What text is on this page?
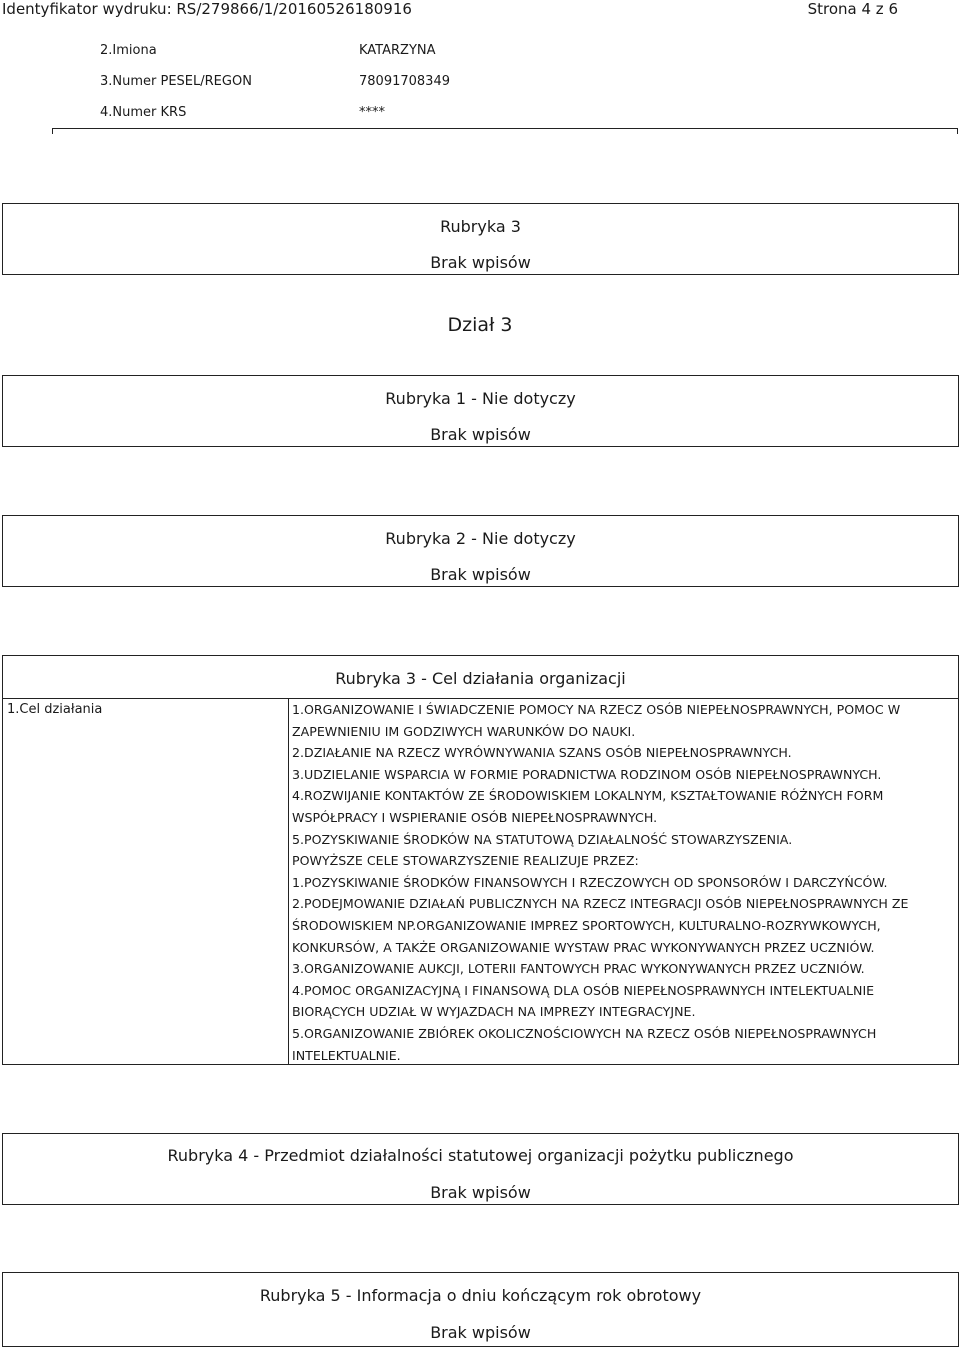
Identyfikator wydruku: RS/279866/1/20160526180916	Strona 4 z 6
2.Imiona	KATARZYNA
3.Numer PESEL/REGON	78091708349
4.Numer KRS	****
Rubryka 3
Brak wpisów
Dział 3
Rubryka 1 - Nie dotyczy
Brak wpisów
Rubryka 2 - Nie dotyczy
Brak wpisów
Rubryka 3 - Cel działania organizacji
1.Cel działania	1.ORGANIZOWANIE I ŚWIADCZENIE POMOCY NA RZECZ OSÓB NIEPEŁNOSPRAWNYCH, POMOC W

ZAPEWNIENIU IM GODZIWYCH WARUNKÓW DO NAUKI.

2.DZIAŁANIE NA RZECZ WYRÓWNYWANIA SZANS OSÓB NIEPEŁNOSPRAWNYCH.

3.UDZIELANIE WSPARCIA W FORMIE PORADNICTWA RODZINOM OSÓB NIEPEŁNOSPRAWNYCH.

4.ROZWIJANIE KONTAKTÓW ZE ŚRODOWISKIEM LOKALNYM, KSZTAŁTOWANIE RÓŻNYCH FORM

WSPÓŁPRACY I WSPIERANIE OSÓB NIEPEŁNOSPRAWNYCH.

5.POZYSKIWANIE ŚRODKÓW NA STATUTOWĄ DZIAŁALNOŚĆ STOWARZYSZENIA.

POWYŻSZE CELE STOWARZYSZENIE REALIZUJE PRZEZ:

1.POZYSKIWANIE ŚRODKÓW FINANSOWYCH I RZECZOWYCH OD SPONSORÓW I DARCZYŃCÓW.

2.PODEJMOWANIE DZIAŁAŃ PUBLICZNYCH NA RZECZ INTEGRACJI OSÓB NIEPEŁNOSPRAWNYCH ZE

ŚRODOWISKIEM NP.ORGANIZOWANIE IMPREZ SPORTOWYCH, KULTURALNO-ROZRYWKOWYCH,

KONKURSÓW, A TAKŻE ORGANIZOWANIE WYSTAW PRAC WYKONYWANYCH PRZEZ UCZNIÓW.

3.ORGANIZOWANIE AUKCJI, LOTERII FANTOWYCH PRAC WYKONYWANYCH PRZEZ UCZNIÓW.

4.POMOC ORGANIZACYJNĄ I FINANSOWĄ DLA OSÓB NIEPEŁNOSPRAWNYCH INTELEKTUALNIE

BIORĄCYCH UDZIAŁ W WYJAZDACH NA IMPREZY INTEGRACYJNE.

5.ORGANIZOWANIE ZBIÓREK OKOLICZNOŚCIOWYCH NA RZECZ OSÓB NIEPEŁNOSPRAWNYCH

INTELEKTUALNIE.

Rubryka 4 - Przedmiot działalności statutowej organizacji pożytku publicznego
Brak wpisów
Rubryka 5 - Informacja o dniu kończącym rok obrotowy
Brak wpisów
